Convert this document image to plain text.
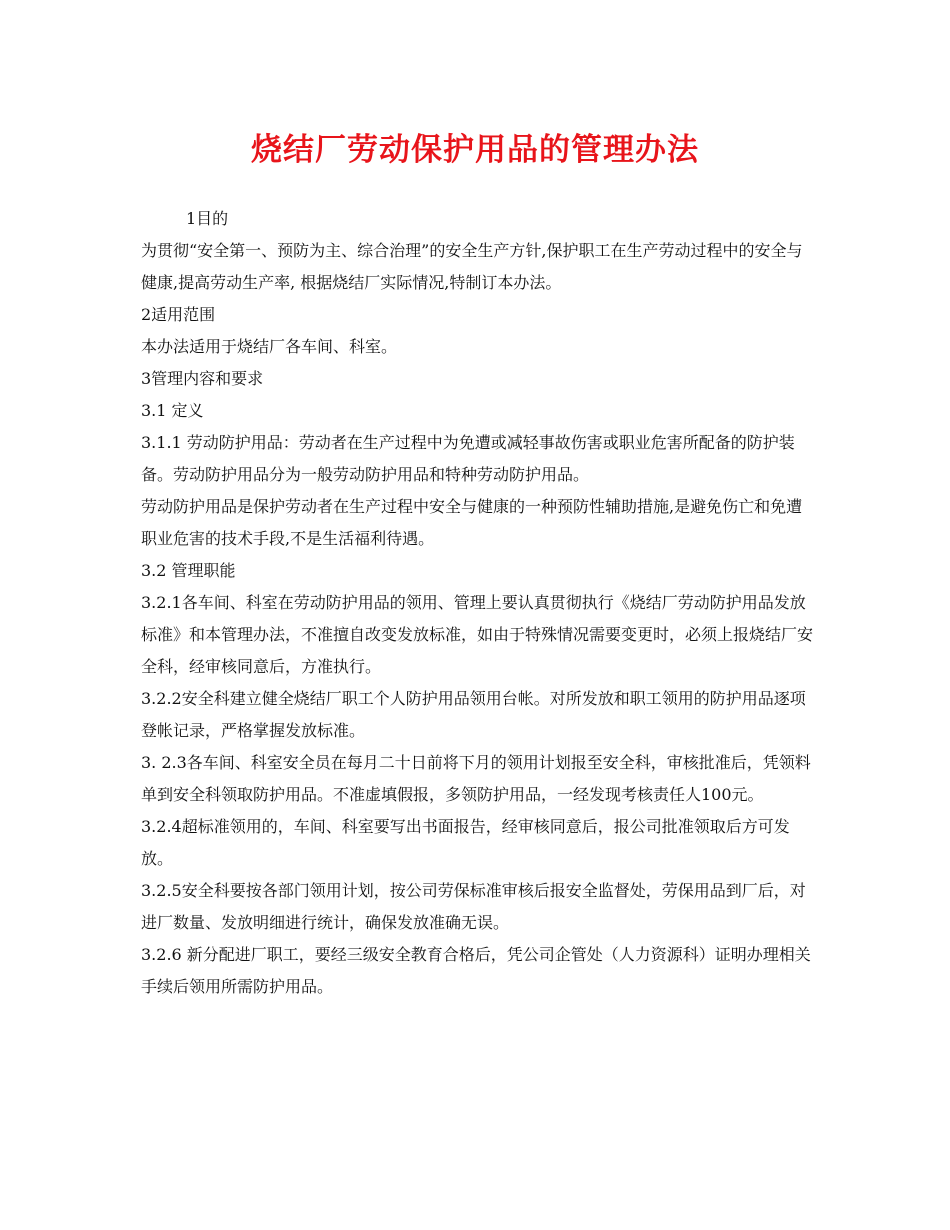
烧结厂劳动保护用品的管理办法

1目的

为贯彻“安全第一、预防为主、综合治理”的安全生产方针,保护职工在生产劳动过程中的安全与健康,提高劳动生产率, 根据烧结厂实际情况,特制订本办法。

2适用范围

本办法适用于烧结厂各车间、科室。

3管理内容和要求

3.1 定义

3.1.1 劳动防护用品：劳动者在生产过程中为免遭或减轻事故伤害或职业危害所配备的防护装备。劳动防护用品分为一般劳动防护用品和特种劳动防护用品。

劳动防护用品是保护劳动者在生产过程中安全与健康的一种预防性辅助措施,是避免伤亡和免遭职业危害的技术手段,不是生活福利待遇。

3.2 管理职能

3.2.1各车间、科室在劳动防护用品的领用、管理上要认真贯彻执行《烧结厂劳动防护用品发放标准》和本管理办法，不准擅自改变发放标准，如由于特殊情况需要变更时，必须上报烧结厂安全科，经审核同意后，方准执行。

3.2.2安全科建立健全烧结厂职工个人防护用品领用台帐。对所发放和职工领用的防护用品逐项登帐记录，严格掌握发放标准。

3. 2.3各车间、科室安全员在每月二十日前将下月的领用计划报至安全科，审核批准后，凭领料单到安全科领取防护用品。不准虚填假报，多领防护用品，一经发现考核责任人100元。

3.2.4超标准领用的，车间、科室要写出书面报告，经审核同意后，报公司批准领取后方可发放。

3.2.5安全科要按各部门领用计划，按公司劳保标准审核后报安全监督处，劳保用品到厂后，对进厂数量、发放明细进行统计，确保发放准确无误。

3.2.6 新分配进厂职工，要经三级安全教育合格后，凭公司企管处（人力资源科）证明办理相关手续后领用所需防护用品。
